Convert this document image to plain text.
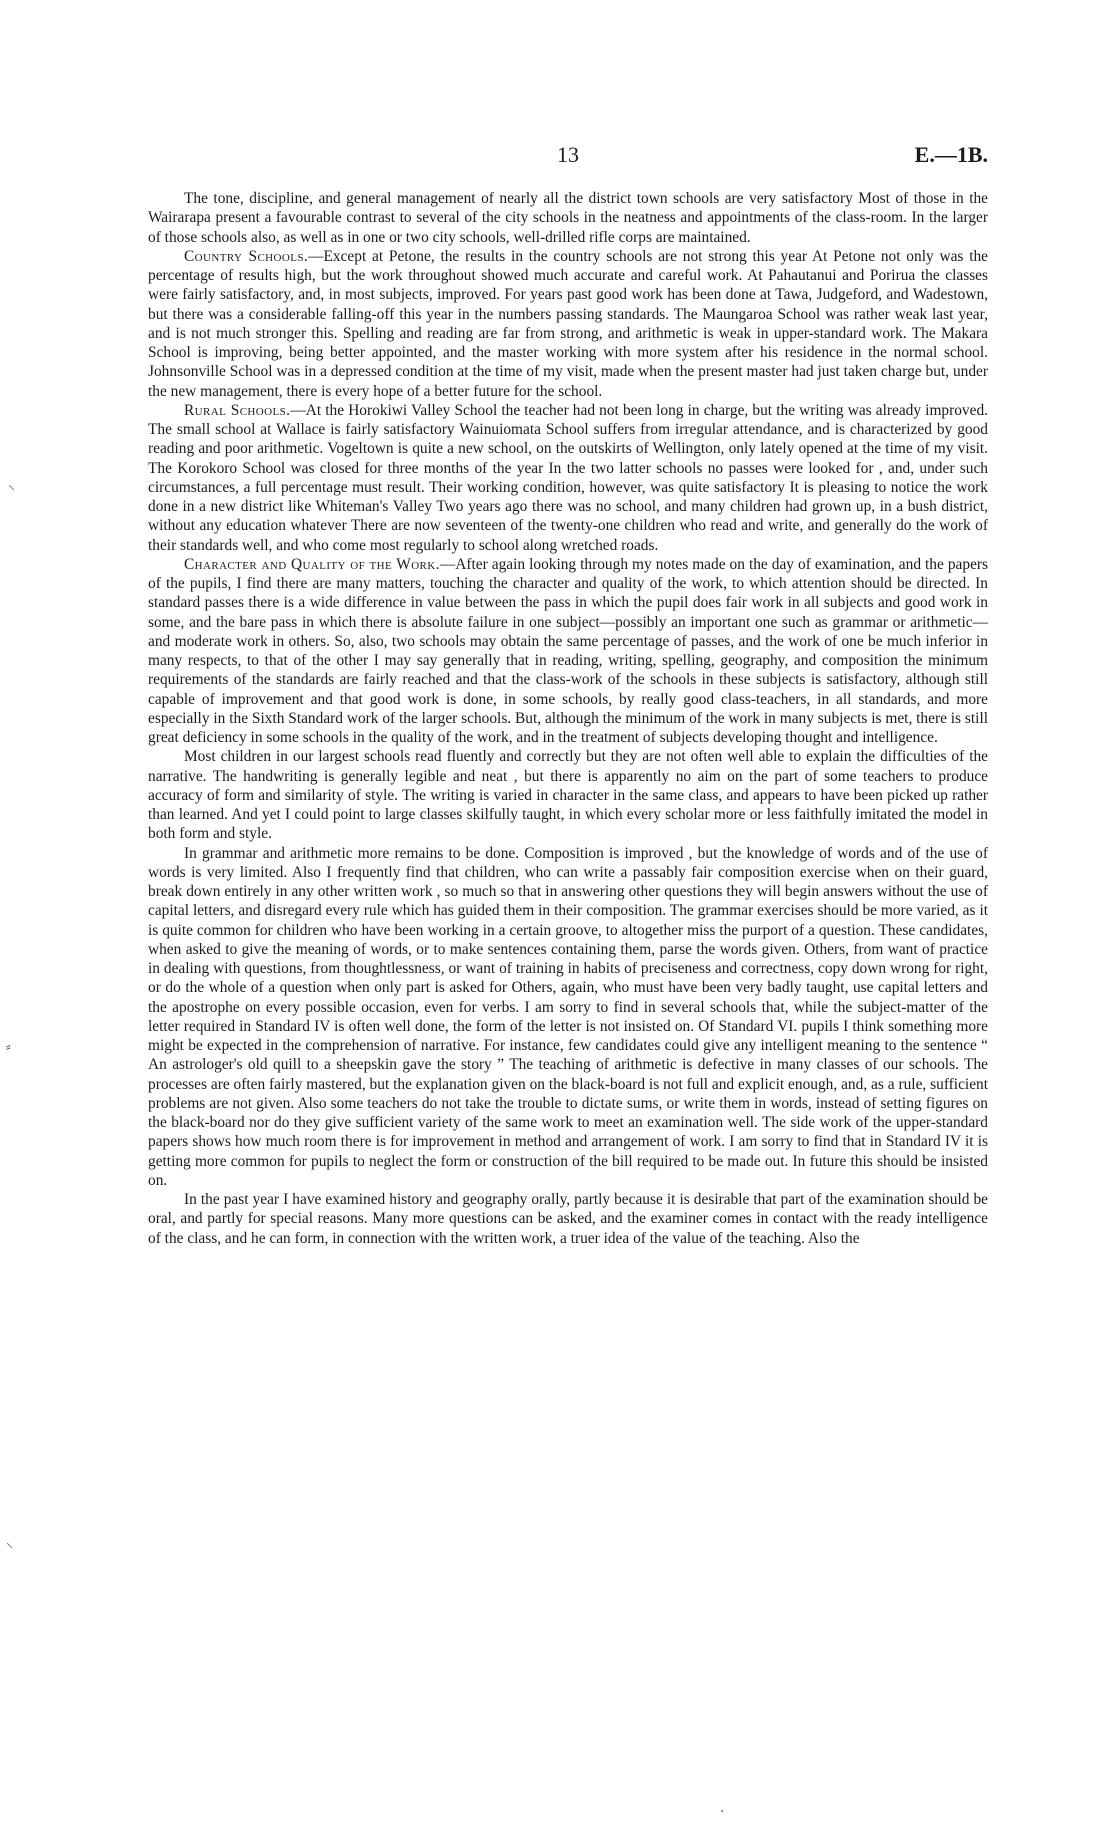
13	E.—1B.
⸌
⸗
⸜
·

The tone, discipline, and general management of nearly all the district town schools are very satisfactory Most of those in the Wairarapa present a favourable contrast to several of the city schools in the neatness and appointments of the class-room. In the larger of those schools also, as well as in one or two city schools, well-drilled rifle corps are maintained.

Country Schools.—Except at Petone, the results in the country schools are not strong this year At Petone not only was the percentage of results high, but the work throughout showed much accurate and careful work. At Pahautanui and Porirua the classes were fairly satisfactory, and, in most subjects, improved. For years past good work has been done at Tawa, Judgeford, and Wadestown, but there was a considerable falling-off this year in the numbers passing standards. The Maungaroa School was rather weak last year, and is not much stronger this. Spelling and reading are far from strong, and arithmetic is weak in upper-standard work. The Makara School is improving, being better appointed, and the master working with more system after his residence in the normal school. Johnsonville School was in a depressed condition at the time of my visit, made when the present master had just taken charge but, under the new management, there is every hope of a better future for the school.

Rural Schools.—At the Horokiwi Valley School the teacher had not been long in charge, but the writing was already improved. The small school at Wallace is fairly satisfactory Wainuiomata School suffers from irregular attendance, and is characterized by good reading and poor arithmetic. Vogeltown is quite a new school, on the outskirts of Wellington, only lately opened at the time of my visit. The Korokoro School was closed for three months of the year In the two latter schools no passes were looked for , and, under such circumstances, a full percentage must result. Their working condition, however, was quite satisfactory It is pleasing to notice the work done in a new district like Whiteman's Valley Two years ago there was no school, and many children had grown up, in a bush district, without any education whatever There are now seventeen of the twenty-one children who read and write, and generally do the work of their standards well, and who come most regularly to school along wretched roads.

Character and Quality of the Work.—After again looking through my notes made on the day of examination, and the papers of the pupils, I find there are many matters, touching the character and quality of the work, to which attention should be directed. In standard passes there is a wide difference in value between the pass in which the pupil does fair work in all subjects and good work in some, and the bare pass in which there is absolute failure in one subject—possibly an important one such as grammar or arithmetic—and moderate work in others. So, also, two schools may obtain the same percentage of passes, and the work of one be much inferior in many respects, to that of the other I may say generally that in reading, writing, spelling, geography, and composition the minimum requirements of the standards are fairly reached and that the class-work of the schools in these subjects is satisfactory, although still capable of improvement and that good work is done, in some schools, by really good class-teachers, in all standards, and more especially in the Sixth Standard work of the larger schools. But, although the minimum of the work in many subjects is met, there is still great deficiency in some schools in the quality of the work, and in the treatment of subjects developing thought and intelligence.

Most children in our largest schools read fluently and correctly but they are not often well able to explain the difficulties of the narrative. The handwriting is generally legible and neat , but there is apparently no aim on the part of some teachers to produce accuracy of form and similarity of style. The writing is varied in character in the same class, and appears to have been picked up rather than learned. And yet I could point to large classes skilfully taught, in which every scholar more or less faithfully imitated the model in both form and style.

In grammar and arithmetic more remains to be done. Composition is improved , but the knowledge of words and of the use of words is very limited. Also I frequently find that children, who can write a passably fair composition exercise when on their guard, break down entirely in any other written work , so much so that in answering other questions they will begin answers without the use of capital letters, and disregard every rule which has guided them in their composition. The grammar exercises should be more varied, as it is quite common for children who have been working in a certain groove, to altogether miss the purport of a question. These candidates, when asked to give the meaning of words, or to make sentences containing them, parse the words given. Others, from want of practice in dealing with questions, from thoughtlessness, or want of training in habits of preciseness and correctness, copy down wrong for right, or do the whole of a question when only part is asked for Others, again, who must have been very badly taught, use capital letters and the apostrophe on every possible occasion, even for verbs. I am sorry to find in several schools that, while the subject-matter of the letter required in Standard IV is often well done, the form of the letter is not insisted on. Of Standard VI. pupils I think something more might be expected in the comprehension of narrative. For instance, few candidates could give any intelligent meaning to the sentence “ An astrologer's old quill to a sheepskin gave the story ” The teaching of arithmetic is defective in many classes of our schools. The processes are often fairly mastered, but the explanation given on the black-board is not full and explicit enough, and, as a rule, sufficient problems are not given. Also some teachers do not take the trouble to dictate sums, or write them in words, instead of setting figures on the black-board nor do they give sufficient variety of the same work to meet an examination well. The side work of the upper-standard papers shows how much room there is for improvement in method and arrangement of work. I am sorry to find that in Standard IV it is getting more common for pupils to neglect the form or construction of the bill required to be made out. In future this should be insisted on.

In the past year I have examined history and geography orally, partly because it is desirable that part of the examination should be oral, and partly for special reasons. Many more questions can be asked, and the examiner comes in contact with the ready intelligence of the class, and he can form, in connection with the written work, a truer idea of the value of the teaching. Also the
